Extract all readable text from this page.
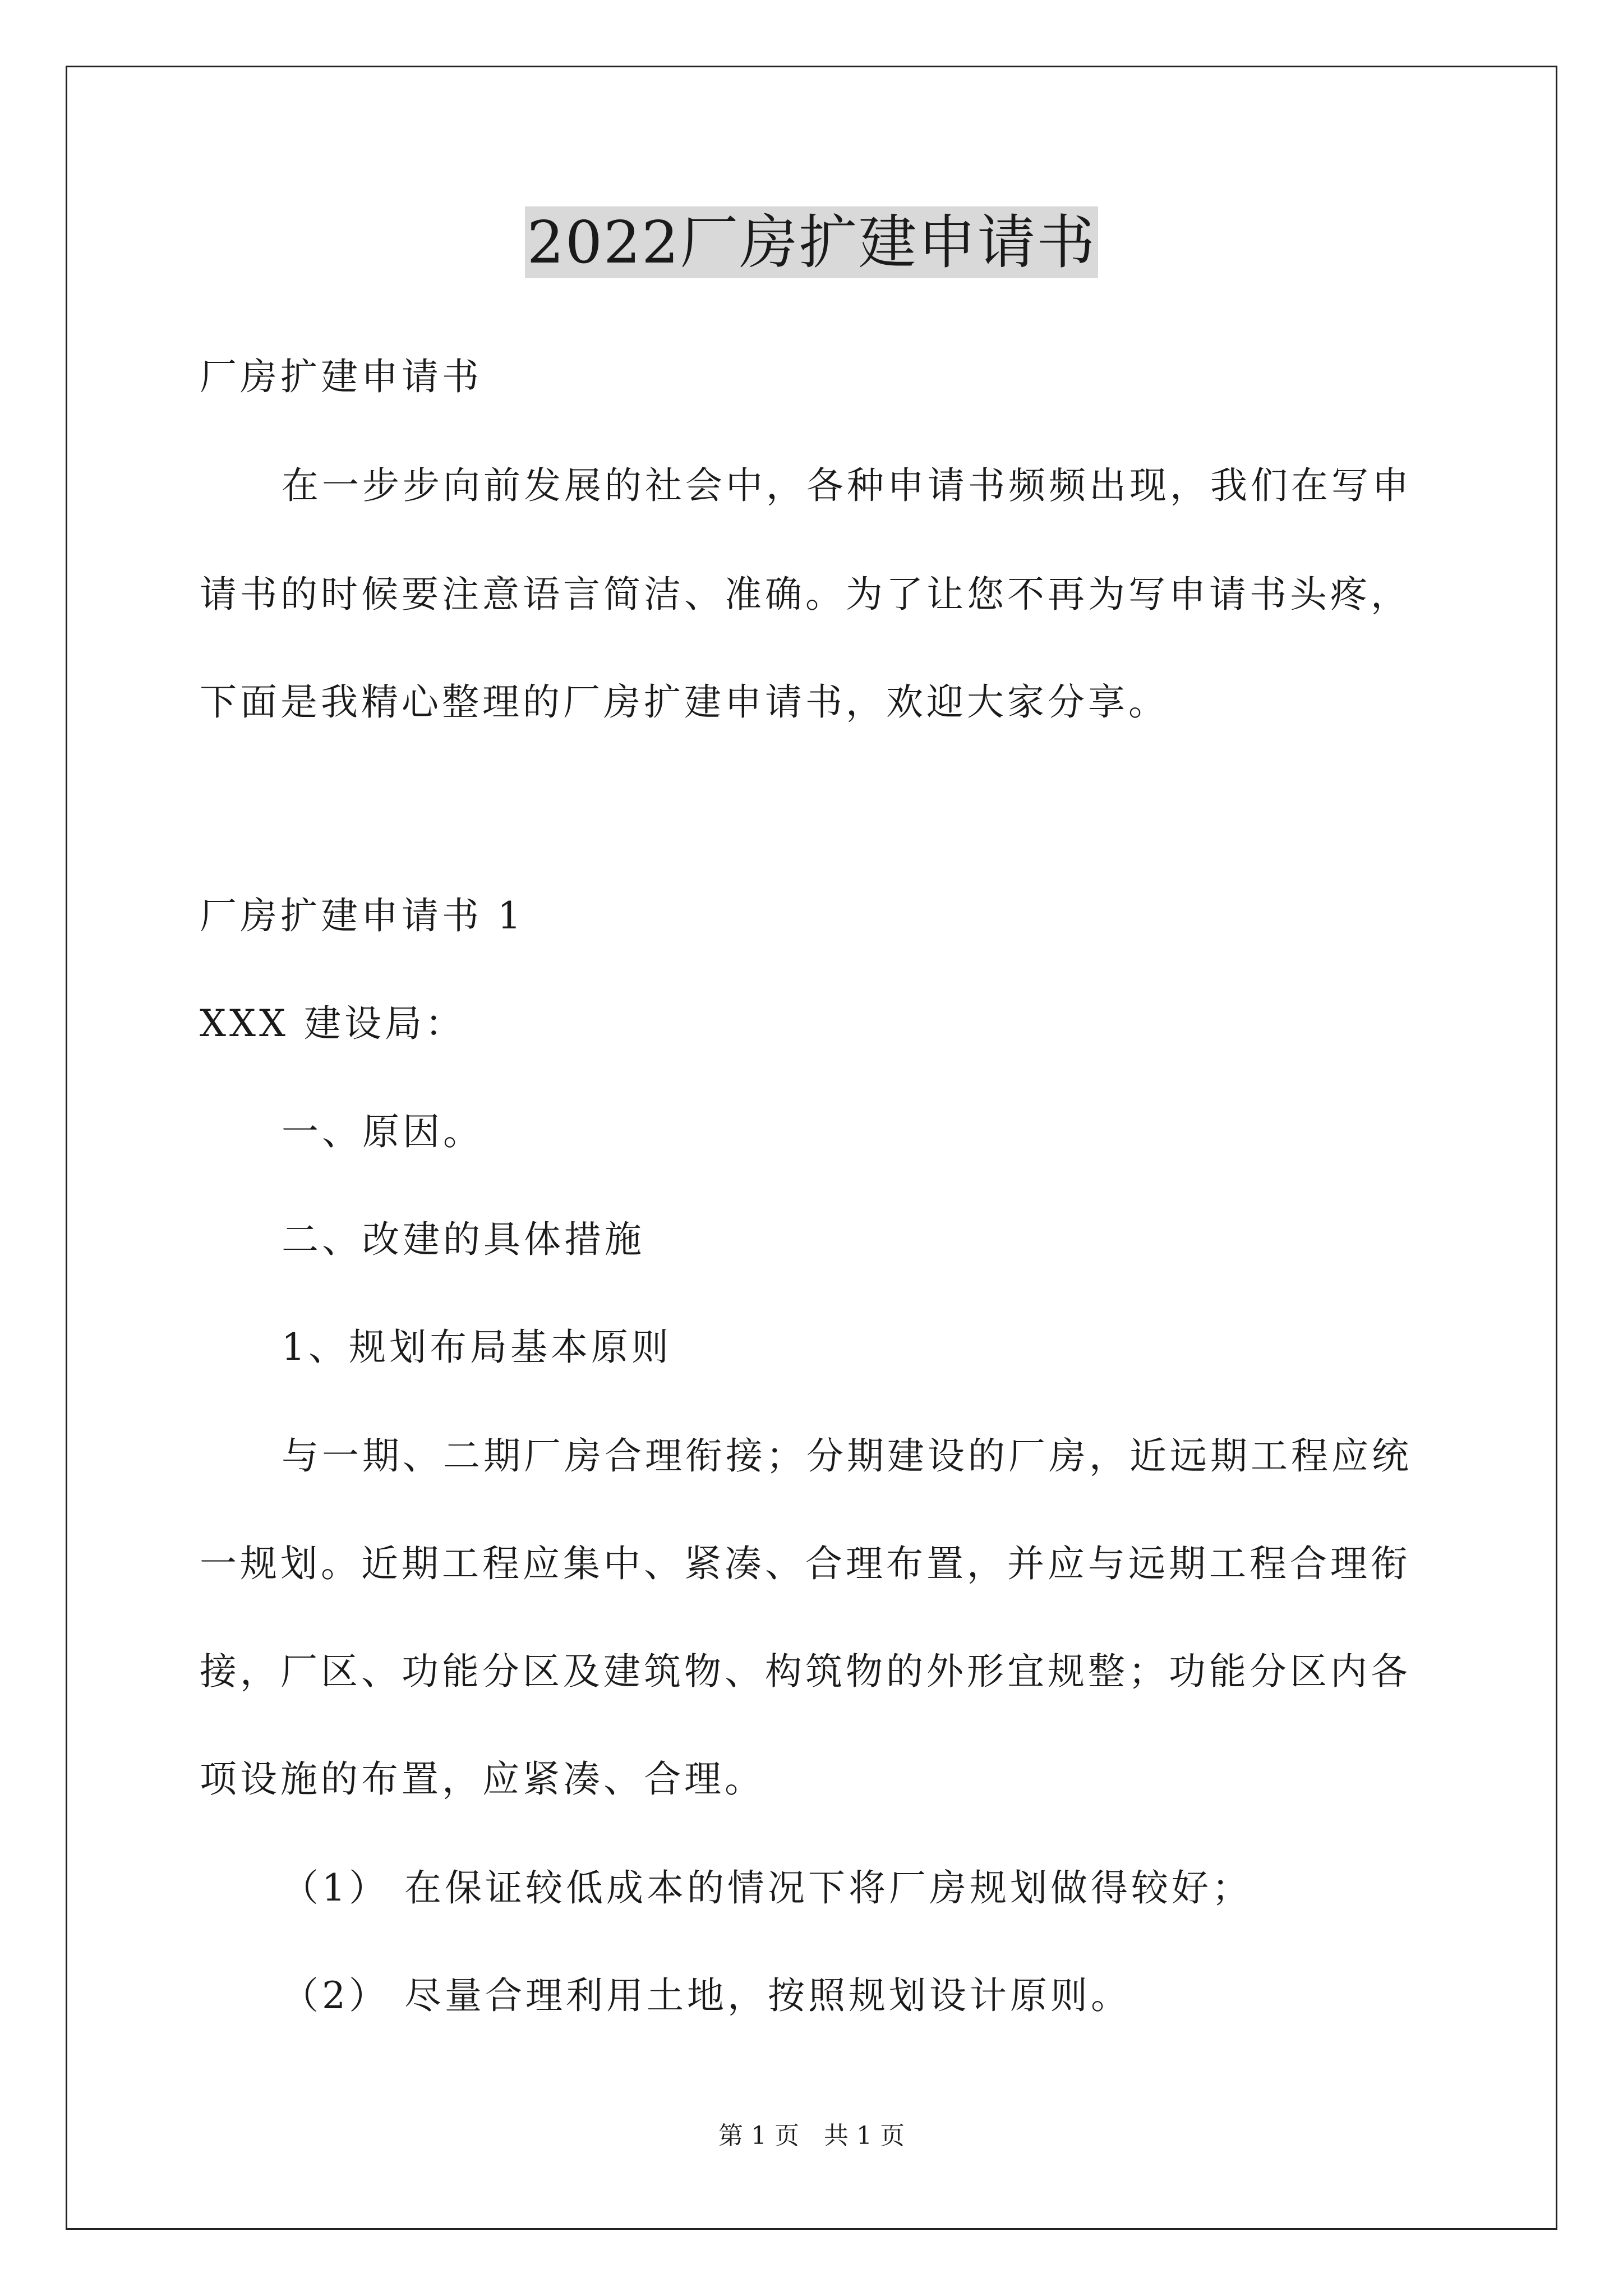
2022厂房扩建申请书
厂房扩建申请书
在一步步向前发展的社会中，各种申请书频频出现，我们在写申
请书的时候要注意语言简洁、准确。为了让您不再为写申请书头疼，
下面是我精心整理的厂房扩建申请书，欢迎大家分享。
厂房扩建申请书 1
XXX 建设局：
一、原因。
二、改建的具体措施
1、规划布局基本原则
与一期、二期厂房合理衔接；分期建设的厂房，近远期工程应统
一规划。近期工程应集中、紧凑、合理布置，并应与远期工程合理衔
接，厂区、功能分区及建筑物、构筑物的外形宜规整；功能分区内各
项设施的布置，应紧凑、合理。
（1） 在保证较低成本的情况下将厂房规划做得较好；
（2） 尽量合理利用土地，按照规划设计原则。
第 1 页 共 1 页
